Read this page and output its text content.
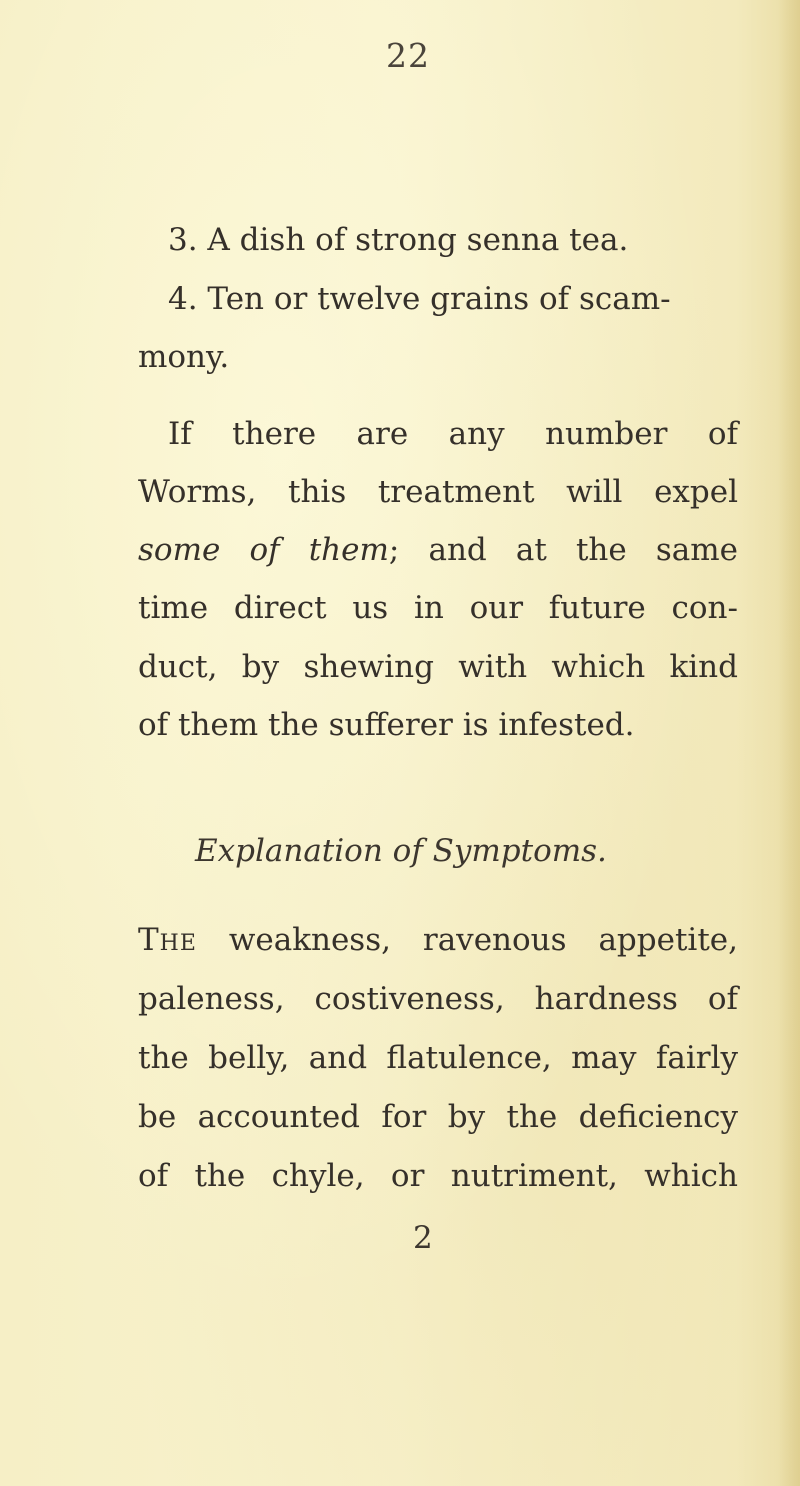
22

3. A dish of strong senna tea.

4. Ten or twelve grains of scam-

mony.

If there are any number of

Worms, this treatment will expel

some of them; and at the same

time direct us in our future con-

duct, by shewing with which kind

of them the sufferer is infested.

Explanation of Symptoms.

The weakness, ravenous appetite,

paleness, costiveness, hardness of

the belly, and flatulence, may fairly

be accounted for by the deficiency

of the chyle, or nutriment, which

2
